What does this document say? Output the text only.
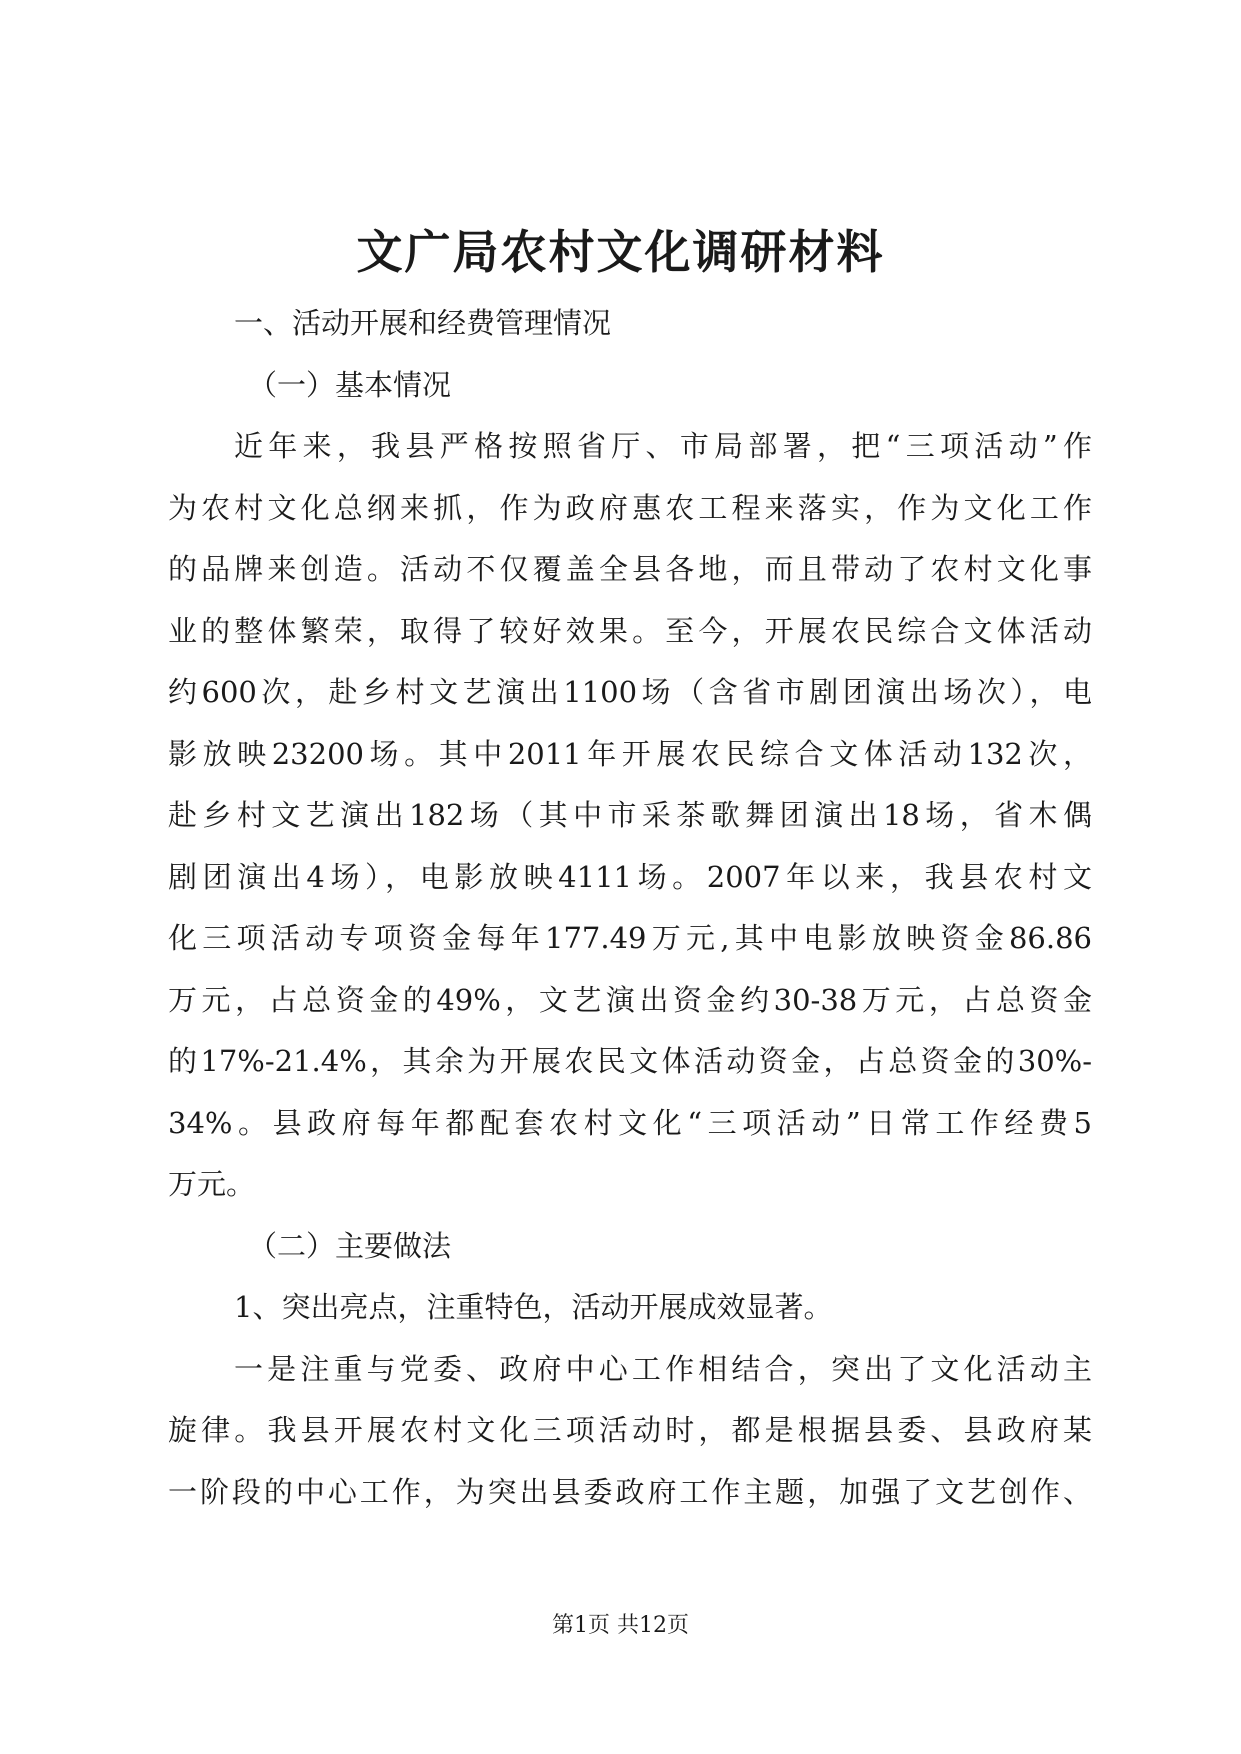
文广局农村文化调研材料
一、活动开展和经费管理情况
（一）基本情况
近年来，我县严格按照省厅、市局部署，把“三项活动”作
为农村文化总纲来抓，作为政府惠农工程来落实，作为文化工作
的品牌来创造。活动不仅覆盖全县各地，而且带动了农村文化事
业的整体繁荣，取得了较好效果。至今，开展农民综合文体活动
约600次，赴乡村文艺演出1100场（含省市剧团演出场次），电
影放映23200场。其中2011年开展农民综合文体活动132次，
赴乡村文艺演出182场（其中市采茶歌舞团演出18场，省木偶
剧团演出4场），电影放映4111场。2007年以来，我县农村文
化三项活动专项资金每年177.49万元,其中电影放映资金86.86
万元，占总资金的49%，文艺演出资金约30-38万元，占总资金
的17%-21.4%，其余为开展农民文体活动资金，占总资金的30%-
34%。县政府每年都配套农村文化“三项活动”日常工作经费5
万元。
（二）主要做法
1、突出亮点，注重特色，活动开展成效显著。
一是注重与党委、政府中心工作相结合，突出了文化活动主
旋律。我县开展农村文化三项活动时，都是根据县委、县政府某
一阶段的中心工作，为突出县委政府工作主题，加强了文艺创作、
第1页 共12页
